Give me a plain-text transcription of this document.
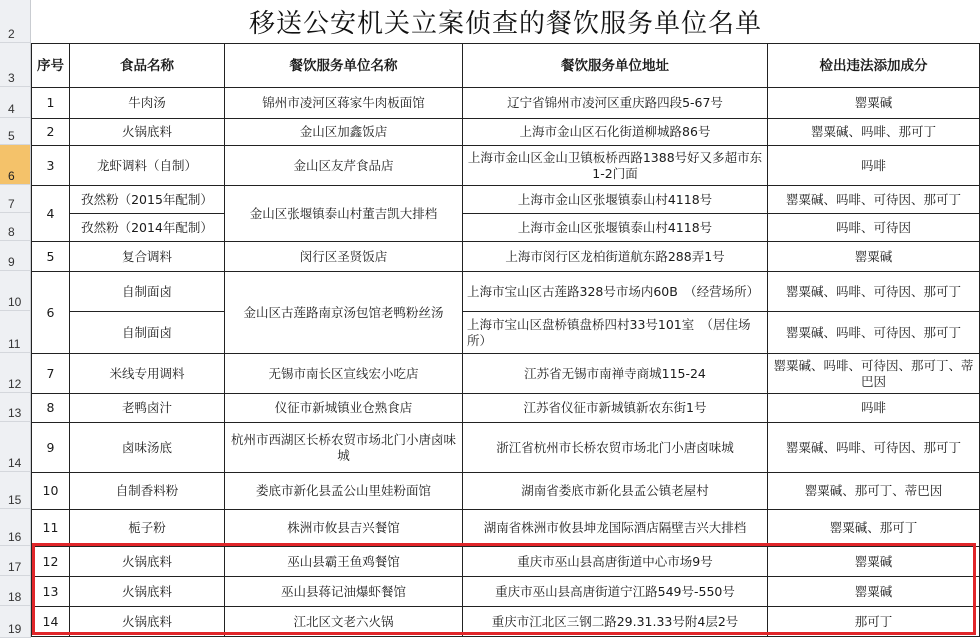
2
3
4
5
6
7
8
9
10
11
12
13
14
15
16
17
18
19
移送公安机关立案侦查的餐饮服务单位名单
序号	食品名称	餐饮服务单位名称	餐饮服务单位地址	检出违法添加成分
1	牛肉汤	锦州市凌河区蒋家牛肉板面馆	辽宁省锦州市凌河区重庆路四段5-67号	罂粟碱
2	火锅底料	金山区加鑫饭店	上海市金山区石化街道柳城路86号	罂粟碱、吗啡、那可丁
3	龙虾调料（自制）	金山区友芹食品店	上海市金山区金山卫镇板桥西路1388号好又多超市东1-2门面	吗啡
4	孜然粉（2015年配制）	金山区张堰镇泰山村董吉凯大排档	上海市金山区张堰镇泰山村4118号	罂粟碱、吗啡、可待因、那可丁
	孜然粉（2014年配制）		上海市金山区张堰镇泰山村4118号	吗啡、可待因
5	复合调料	闵行区圣贤饭店	上海市闵行区龙柏街道航东路288弄1号	罂粟碱
6	自制面卤	金山区古莲路南京汤包馆老鸭粉丝汤	上海市宝山区古莲路328号市场内60B　（经营场所）	罂粟碱、吗啡、可待因、那可丁
	自制面卤		上海市宝山区盘桥镇盘桥四村33号101室　（居住场所）	罂粟碱、吗啡、可待因、那可丁
7	米线专用调料	无锡市南长区宣线宏小吃店	江苏省无锡市南禅寺商城115-24	罂粟碱、吗啡、可待因、那可丁、蒂巴因
8	老鸭卤汁	仪征市新城镇业仓熟食店	江苏省仪征市新城镇新农东街1号	吗啡
9	卤味汤底	杭州市西湖区长桥农贸市场北门小唐卤味城	浙江省杭州市长桥农贸市场北门小唐卤味城	罂粟碱、吗啡、可待因、那可丁
10	自制香料粉	娄底市新化县孟公山里娃粉面馆	湖南省娄底市新化县孟公镇老屋村	罂粟碱、那可丁、蒂巴因
11	栀子粉	株洲市攸县吉兴餐馆	湖南省株洲市攸县坤龙国际酒店隔壁吉兴大排档	罂粟碱、那可丁
12	火锅底料	巫山县霸王鱼鸡餐馆	重庆市巫山县高唐街道中心市场9号	罂粟碱
13	火锅底料	巫山县蒋记油爆虾餐馆	重庆市巫山县高唐街道宁江路549号-550号	罂粟碱
14	火锅底料	江北区文老六火锅	重庆市江北区三钢二路29.31.33号附4层2号	那可丁
